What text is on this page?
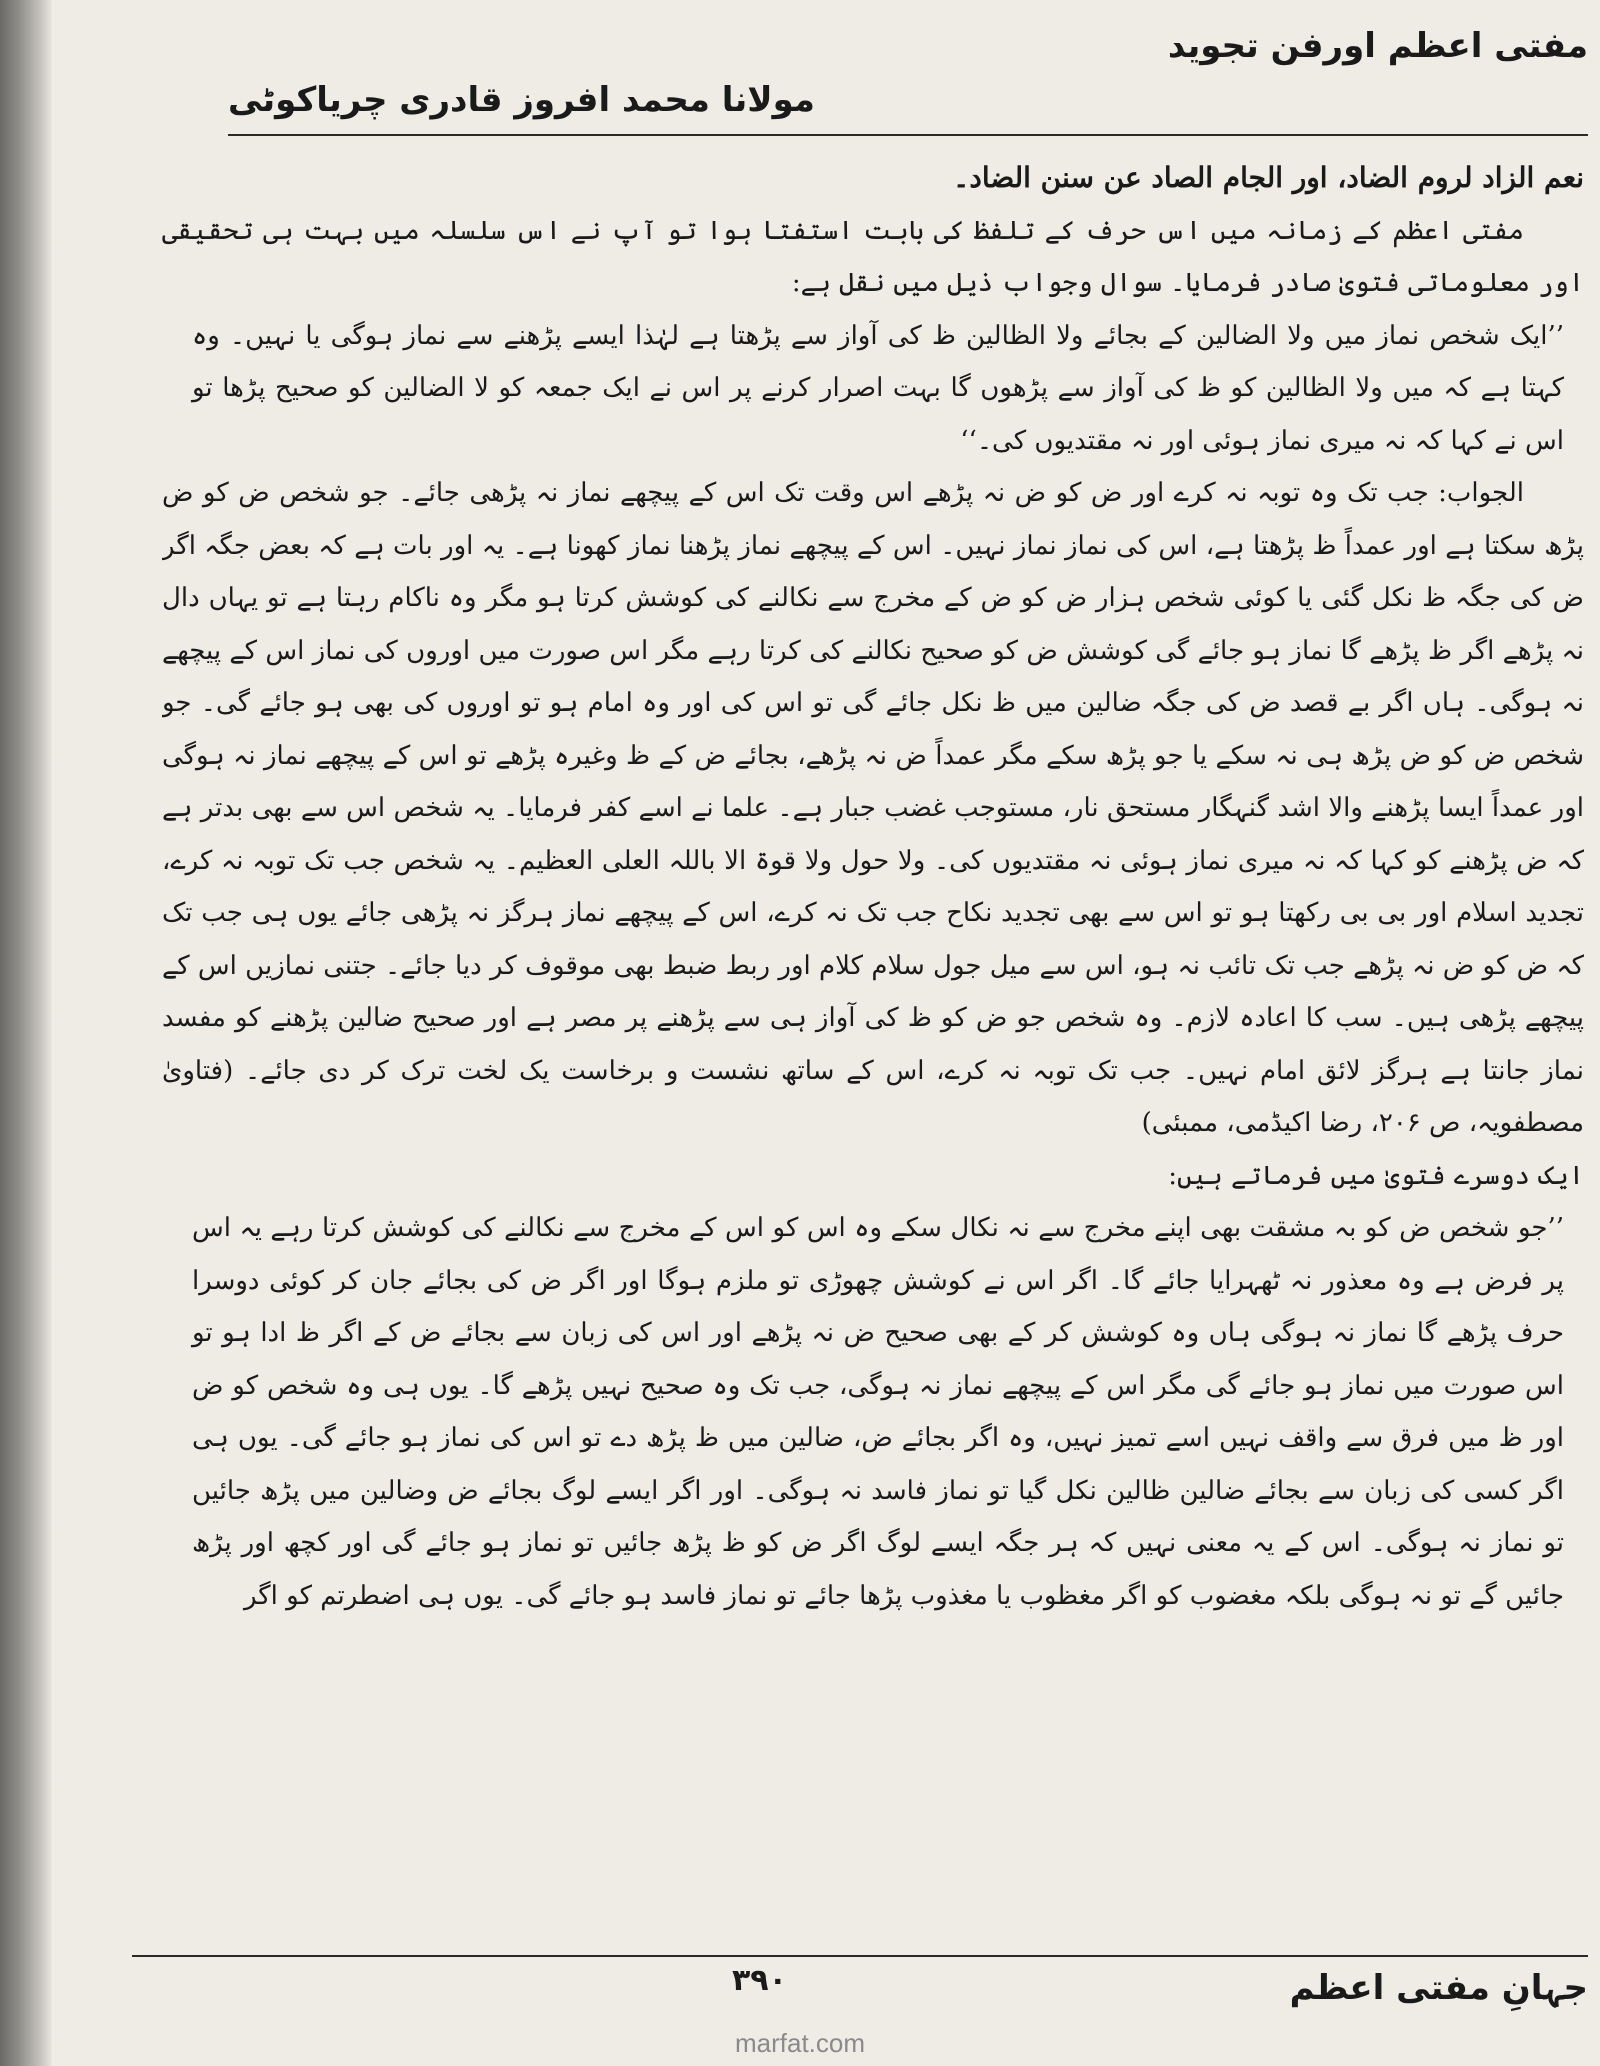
مفتی اعظم اورفن تجوید
مولانا محمد افروز قادری چریاکوٹی

نعم الزاد لروم الضاد، اور الجام الصاد عن سنن الضاد۔

مفتی اعظم کے زمانہ میں اس حرف کے تلفظ کی بابت استفتا ہوا تو آپ نے اس سلسلہ میں بہت ہی تحقیقی اور معلوماتی فتویٰ صادر فرمایا۔ سوال وجواب ذیل میں نقل ہے:

’’ایک شخص نماز میں ولا الضالین کے بجائے ولا الظالین ظ کی آواز سے پڑھتا ہے لہٰذا ایسے پڑھنے سے نماز ہوگی یا نہیں۔ وہ کہتا ہے کہ میں ولا الظالین کو ظ کی آواز سے پڑھوں گا بہت اصرار کرنے پر اس نے ایک جمعہ کو لا الضالین کو صحیح پڑھا تو اس نے کہا کہ نہ میری نماز ہوئی اور نہ مقتدیوں کی۔‘‘

الجواب: جب تک وہ توبہ نہ کرے اور ض کو ض نہ پڑھے اس وقت تک اس کے پیچھے نماز نہ پڑھی جائے۔ جو شخص ض کو ض پڑھ سکتا ہے اور عمداً ظ پڑھتا ہے، اس کی نماز نماز نہیں۔ اس کے پیچھے نماز پڑھنا نماز کھونا ہے۔ یہ اور بات ہے کہ بعض جگہ اگر ض کی جگہ ظ نکل گئی یا کوئی شخص ہزار ض کو ض کے مخرج سے نکالنے کی کوشش کرتا ہو مگر وہ ناکام رہتا ہے تو یہاں دال نہ پڑھے اگر ظ پڑھے گا نماز ہو جائے گی کوشش ض کو صحیح نکالنے کی کرتا رہے مگر اس صورت میں اوروں کی نماز اس کے پیچھے نہ ہوگی۔ ہاں اگر بے قصد ض کی جگہ ضالین میں ظ نکل جائے گی تو اس کی اور وہ امام ہو تو اوروں کی بھی ہو جائے گی۔ جو شخص ض کو ض پڑھ ہی نہ سکے یا جو پڑھ سکے مگر عمداً ض نہ پڑھے، بجائے ض کے ظ وغیرہ پڑھے تو اس کے پیچھے نماز نہ ہوگی اور عمداً ایسا پڑھنے والا اشد گنہگار مستحق نار، مستوجب غضب جبار ہے۔ علما نے اسے کفر فرمایا۔ یہ شخص اس سے بھی بدتر ہے کہ ض پڑھنے کو کہا کہ نہ میری نماز ہوئی نہ مقتدیوں کی۔ ولا حول ولا قوۃ الا باللہ العلی العظیم۔ یہ شخص جب تک توبہ نہ کرے، تجدید اسلام اور بی بی رکھتا ہو تو اس سے بھی تجدید نکاح جب تک نہ کرے، اس کے پیچھے نماز ہرگز نہ پڑھی جائے یوں ہی جب تک کہ ض کو ض نہ پڑھے جب تک تائب نہ ہو، اس سے میل جول سلام کلام اور ربط ضبط بھی موقوف کر دیا جائے۔ جتنی نمازیں اس کے پیچھے پڑھی ہیں۔ سب کا اعادہ لازم۔ وہ شخص جو ض کو ظ کی آواز ہی سے پڑھنے پر مصر ہے اور صحیح ضالین پڑھنے کو مفسد نماز جانتا ہے ہرگز لائق امام نہیں۔ جب تک توبہ نہ کرے، اس کے ساتھ نشست و برخاست یک لخت ترک کر دی جائے۔ (فتاویٰ مصطفویہ، ص ۲۰۶، رضا اکیڈمی، ممبئی)

ایک دوسرے فتویٰ میں فرماتے ہیں:

’’جو شخص ض کو بہ مشقت بھی اپنے مخرج سے نہ نکال سکے وہ اس کو اس کے مخرج سے نکالنے کی کوشش کرتا رہے یہ اس پر فرض ہے وہ معذور نہ ٹھہرایا جائے گا۔ اگر اس نے کوشش چھوڑی تو ملزم ہوگا اور اگر ض کی بجائے جان کر کوئی دوسرا حرف پڑھے گا نماز نہ ہوگی ہاں وہ کوشش کر کے بھی صحیح ض نہ پڑھے اور اس کی زبان سے بجائے ض کے اگر ظ ادا ہو تو اس صورت میں نماز ہو جائے گی مگر اس کے پیچھے نماز نہ ہوگی، جب تک وہ صحیح نہیں پڑھے گا۔ یوں ہی وہ شخص کو ض اور ظ میں فرق سے واقف نہیں اسے تمیز نہیں، وہ اگر بجائے ض، ضالین میں ظ پڑھ دے تو اس کی نماز ہو جائے گی۔ یوں ہی اگر کسی کی زبان سے بجائے ضالین ظالین نکل گیا تو نماز فاسد نہ ہوگی۔ اور اگر ایسے لوگ بجائے ض وضالین میں پڑھ جائیں تو نماز نہ ہوگی۔ اس کے یہ معنی نہیں کہ ہر جگہ ایسے لوگ اگر ض کو ظ پڑھ جائیں تو نماز ہو جائے گی اور کچھ اور پڑھ جائیں گے تو نہ ہوگی بلکہ مغضوب کو اگر مغظوب یا مغذوب پڑھا جائے تو نماز فاسد ہو جائے گی۔ یوں ہی اضطرتم کو اگر

جہانِ مفتی اعظم
۳۹۰
marfat.com
